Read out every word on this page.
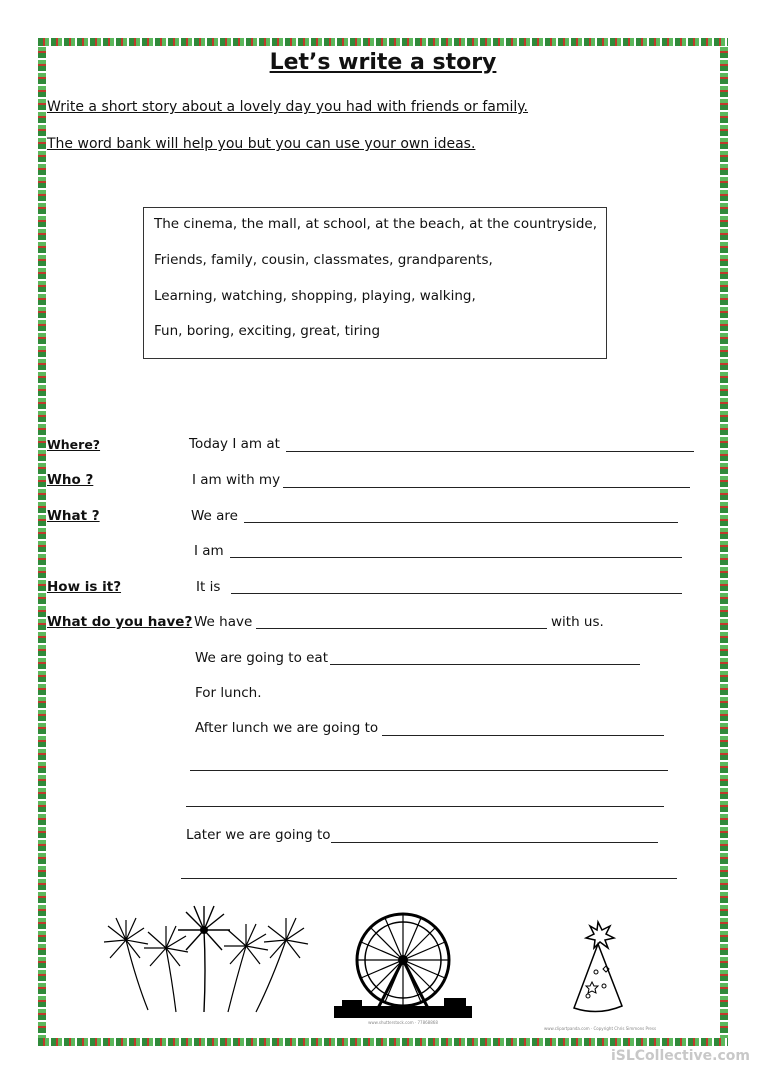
Let’s write a story
Write a short story about a lovely day you had with friends or family.
The word bank will help you but you can use your own ideas.
The cinema, the mall, at school, at the beach, at the countryside,
Friends, family, cousin, classmates, grandparents,
Learning, watching, shopping, playing, walking,
Fun, boring, exciting, great, tiring
Where?	Today I am at
Who ?	I am with my
What ?	We are
I am
How is it?	It is
What do you have? We have	with us.
We are going to eat
For lunch.
After lunch we are going to
Later we are going to
www.shutterstock.com · 77868868
www.clipartpanda.com · Copyright Chris Simmons Press
iSLCollective.com
